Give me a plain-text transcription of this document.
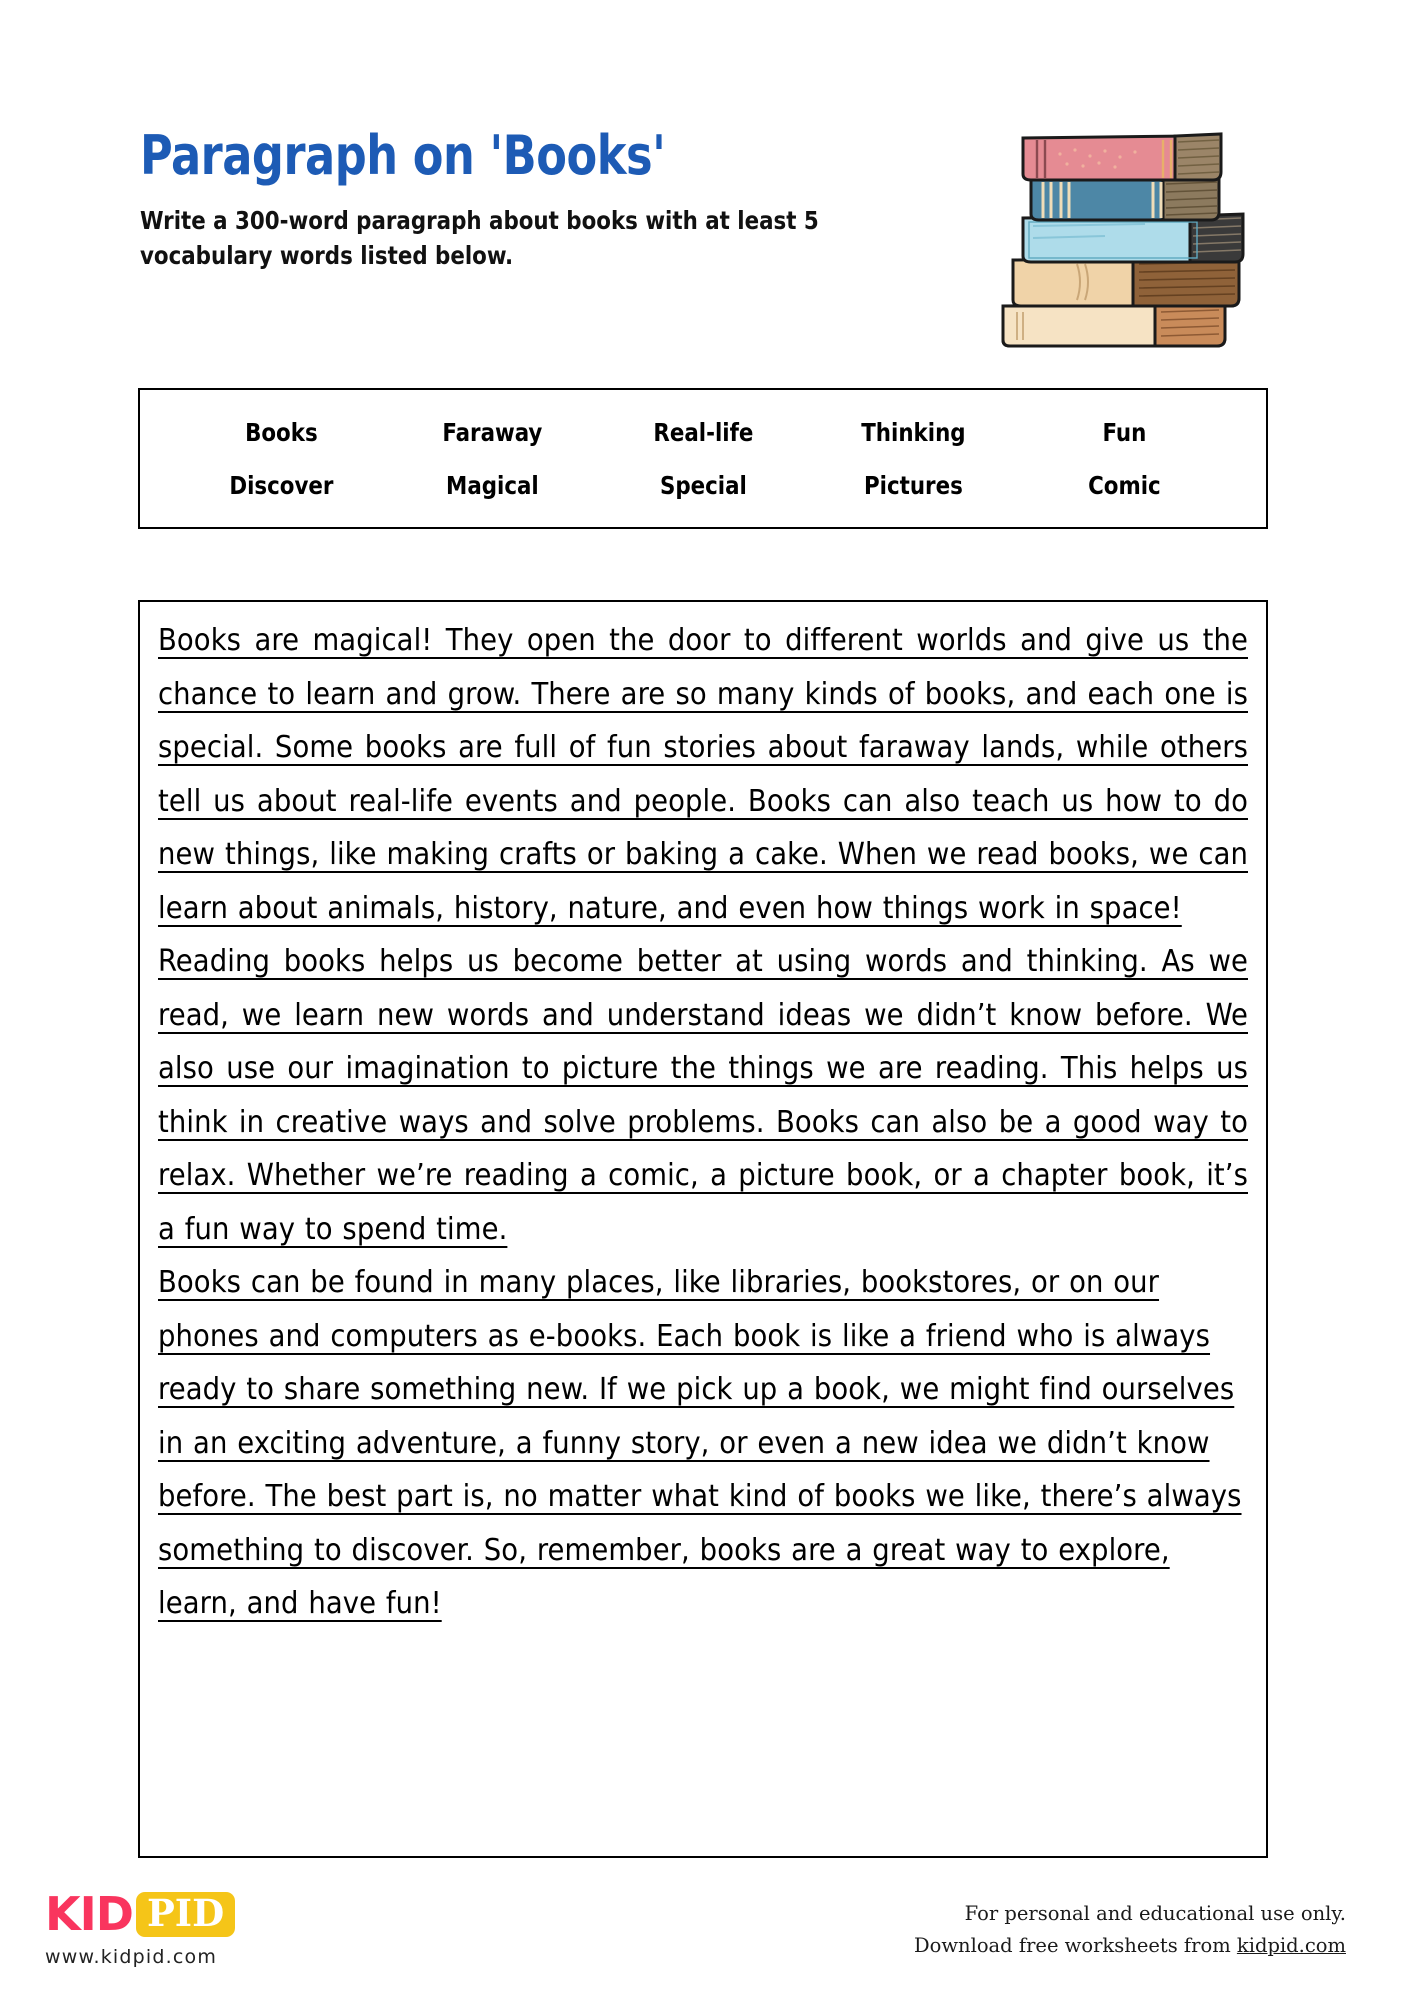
Paragraph on 'Books'
Write a 300-word paragraph about books with at least 5 vocabulary words listed below.
Books	Faraway	Real-life	Thinking	Fun
Discover	Magical	Special	Pictures	Comic

Books are magical! They open the door to different worlds and give us the chance to learn and grow. There are so many kinds of books, and each one is special. Some books are full of fun stories about faraway lands, while others tell us about real-life events and people. Books can also teach us how to do new things, like making crafts or baking a cake. When we read books, we can learn about animals, history, nature, and even how things work in space!

Reading books helps us become better at using words and thinking. As we read, we learn new words and understand ideas we didn’t know before. We also use our imagination to picture the things we are reading. This helps us think in creative ways and solve problems. Books can also be a good way to relax. Whether we’re reading a comic, a picture book, or a chapter book, it’s a fun way to spend time.

Books can be found in many places, like libraries, bookstores, or on our phones and computers as e-books. Each book is like a friend who is always ready to share something new. If we pick up a book, we might find ourselves in an exciting adventure, a funny story, or even a new idea we didn’t know before. The best part is, no matter what kind of books we like, there’s always something to discover. So, remember, books are a great way to explore, learn, and have fun!

KID PID
www.kidpid.com
For personal and educational use only.
Download free worksheets from kidpid.com
